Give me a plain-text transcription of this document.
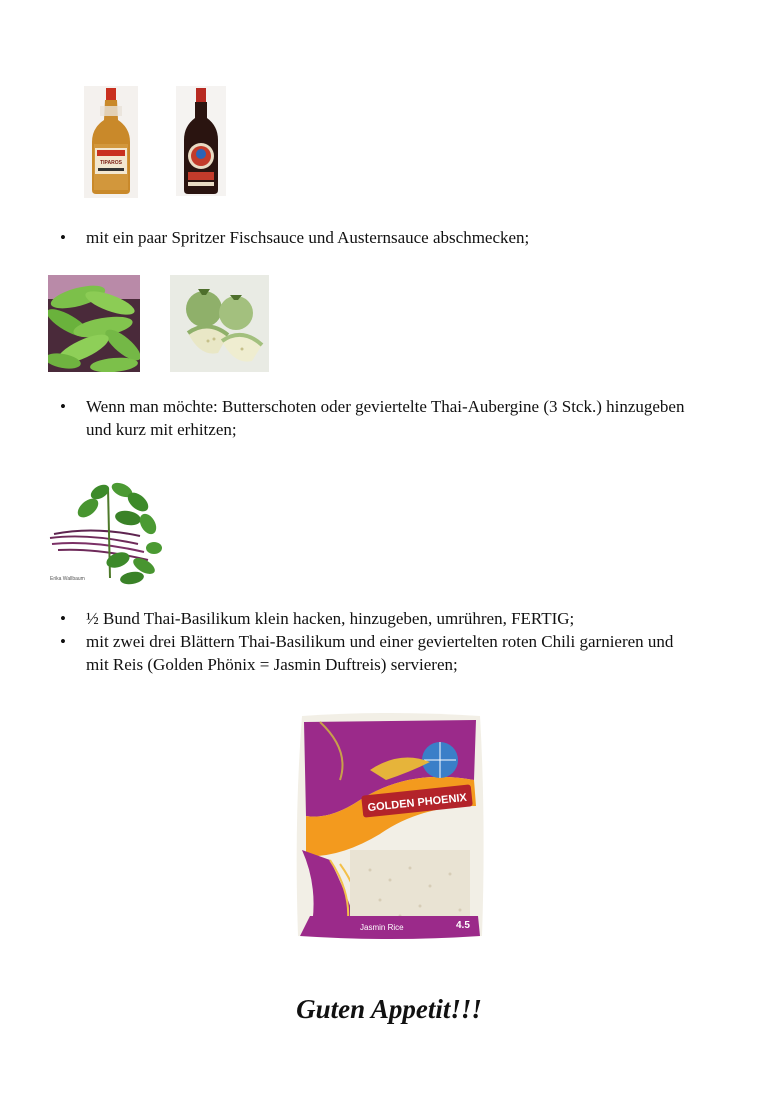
TIPAROS
•	mit ein paar Spritzer Fischsauce und Austernsauce abschmecken;
•	Wenn man möchte: Butterschoten oder geviertelte Thai-Aubergine (3 Stck.) hinzugeben
und kurz mit erhitzen;
Erika Wallbaum
•	½ Bund Thai-Basilikum klein hacken, hinzugeben, umrühren, FERTIG;
•	mit zwei drei Blättern Thai-Basilikum und einer geviertelten roten Chili garnieren und
mit Reis (Golden Phönix = Jasmin Duftreis) servieren;
GOLDEN PHOENIX
Jasmin Rice	4.5
Guten Appetit!!!
